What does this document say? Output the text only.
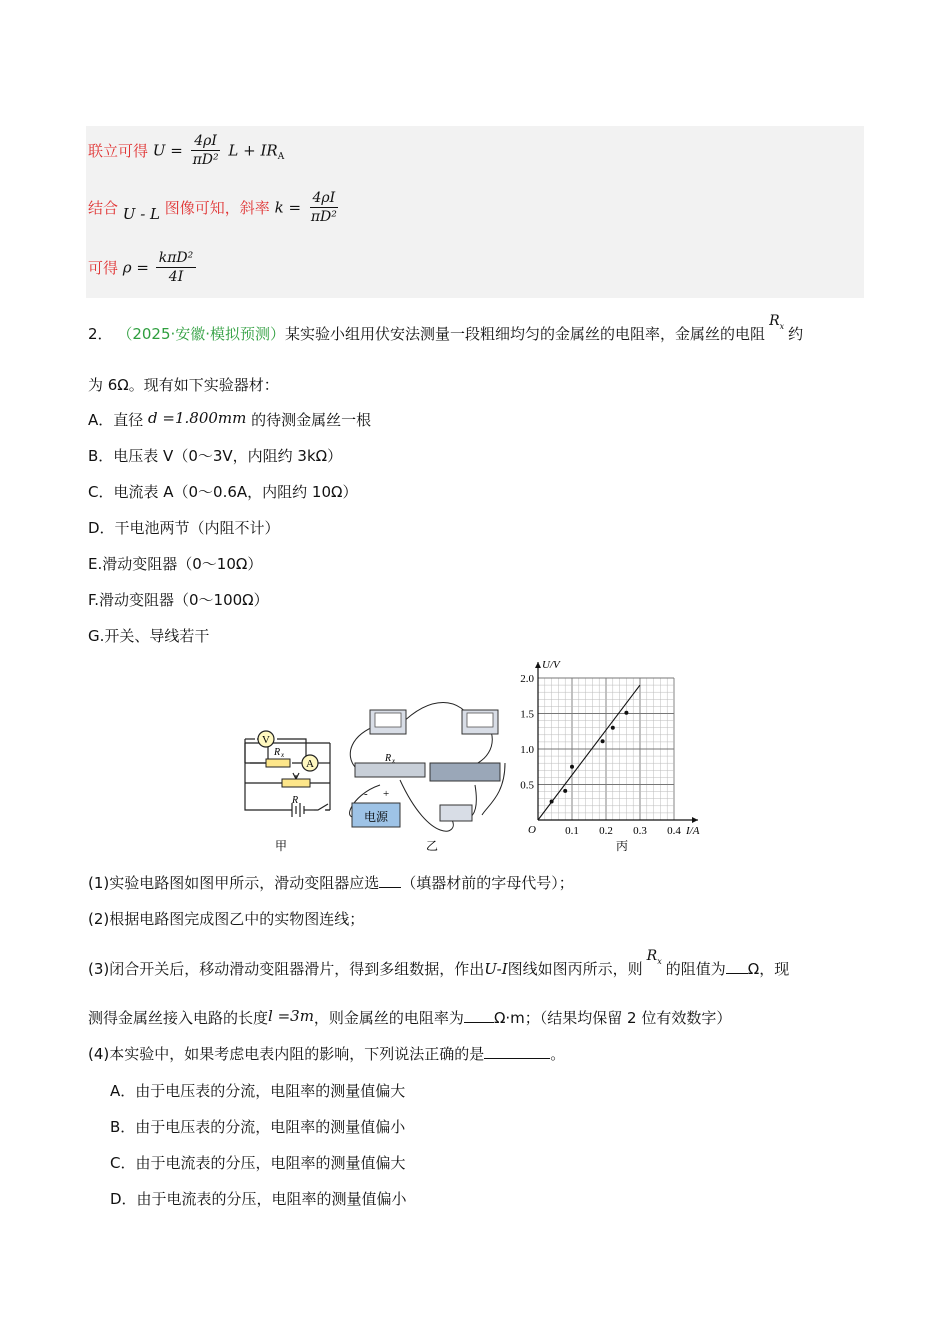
联立可得 $U = \frac{4\rho I}{\text{πD²}}$ $L + IR_A$
结合 U - L 图像可知，斜率 $k = \frac{4\rho I}{\text{πD²}}$
可得 $\rho = \frac{\text{kπD²}}{4I}$
2． （2025·安徽·模拟预测）某实验小组用伏安法测量一段粗细均匀的金属丝的电阻率，金属丝的电阻$R_x$ 约
为 6Ω。现有如下实验器材：
A．直径 d =1.800mm 的待测金属丝一根
B．电压表 V（0～3V，内阻约 3kΩ）
C．电流表 A（0～0.6A，内阻约 10Ω）
D．干电池两节（内阻不计）
E.滑动变阻器（0～10Ω）
F.滑动变阻器（0～100Ω）
G.开关、导线若干
V
R x
A
R
R x
电源
- +
甲	乙	丙
0.1 0.2 0.3 0.4
0.5
1.0
1.5
2.0
O	I/A
U/V
(1)实验电路图如图甲所示，滑动变阻器应选 （填器材前的字母代号）；
(2)根据电路图完成图乙中的实物图连线；
(3)闭合开关后，移动滑动变阻器滑片，得到多组数据，作出U-I图线如图丙所示，则$R_x$ 的阻值为 Ω，现
测得金属丝接入电路的长度l =3m，则金属丝的电阻率为 Ω·m；（结果均保留 2 位有效数字）
(4)本实验中，如果考虑电表内阻的影响，下列说法正确的是	。
A．由于电压表的分流，电阻率的测量值偏大
B．由于电压表的分流，电阻率的测量值偏小
C．由于电流表的分压，电阻率的测量值偏大
D．由于电流表的分压，电阻率的测量值偏小
